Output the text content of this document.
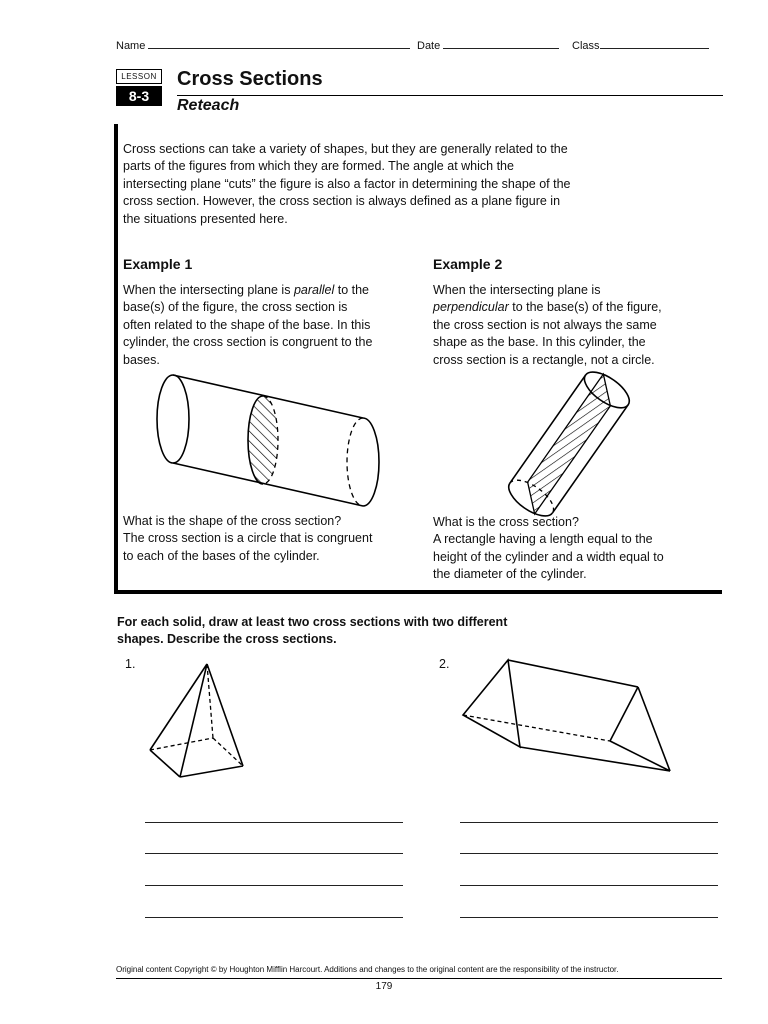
Name	Date	Class
LESSON
8-3
Cross Sections
Reteach
Cross sections can take a variety of shapes, but they are generally related to the
parts of the figures from which they are formed. The angle at which the
intersecting plane “cuts” the figure is also a factor in determining the shape of the
cross section. However, the cross section is always defined as a plane figure in
the situations presented here.
Example 1
When the intersecting plane is parallel to the
base(s) of the figure, the cross section is
often related to the shape of the base. In this
cylinder, the cross section is congruent to the
bases.
What is the shape of the cross section?
The cross section is a circle that is congruent
to each of the bases of the cylinder.
Example 2
When the intersecting plane is
perpendicular to the base(s) of the figure,
the cross section is not always the same
shape as the base. In this cylinder, the
cross section is a rectangle, not a circle.
What is the cross section?
A rectangle having a length equal to the
height of the cylinder and a width equal to
the diameter of the cylinder.
For each solid, draw at least two cross sections with two different
shapes. Describe the cross sections.
1.	2.
Original content Copyright © by Houghton Mifflin Harcourt. Additions and changes to the original content are the responsibility of the instructor.
179
